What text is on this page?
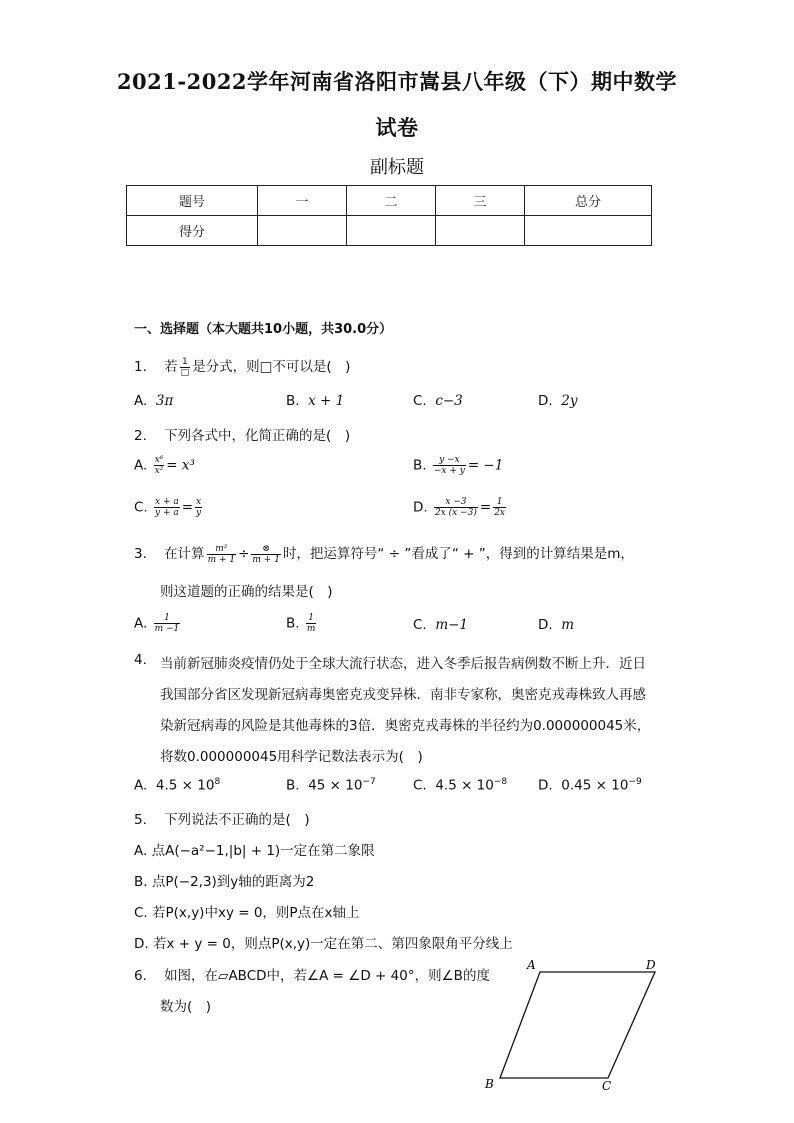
2021-2022学年河南省洛阳市嵩县八年级（下）期中数学
试卷
副标题
题号	一	二	三	总分
得分				
一、选择题（本大题共10小题，共30.0分）
1. 若 $\frac{1}{□}$ 是分式，则□不可以是(　)
A. 3π	B. x + 1	C. c−3	D. 2y
2. 下列各式中，化简正确的是(　)
A. $\frac{\text{x⁶}}{\text{x²}} = x^3$	B. $\frac{y -x}{-x + y} = -1$
C. $\frac{x + a}{y + a} = \frac{x}{y}$	D. $\frac{x -3}{2x (x -3)} = \frac{1}{2x}$
3. 在计算 $\frac{\text{m²}}{m + 1} \div \frac{\otimes}{m + 1}$ 时，把运算符号“ ÷ ”看成了“ + ”，得到的计算结果是m，
则这道题的正确的结果是(　)
A. $\frac{1}{m -1}$	B. $\frac{1}{m}$	C. m−1	D. m
4. 当前新冠肺炎疫情仍处于全球大流行状态，进入冬季后报告病例数不断上升．近日
我国部分省区发现新冠病毒奥密克戎变异株．南非专家称，奥密克戎毒株致人再感
染新冠病毒的风险是其他毒株的3倍．奥密克戎毒株的半径约为0.000000045米，
将数0.000000045用科学记数法表示为(　)
A. $4.5 \times 10^8$	B. $45 \times 10^{-7}$	C. $4.5 \times 10^{-8}$ D. $0.45 \times 10^{-9}$
5. 下列说法不正确的是(　)
A. 点A(−a²−1,|b| + 1)一定在第二象限
B. 点P(−2,3)到y轴的距离为2
C. 若P(x,y)中xy = 0，则P点在x轴上
D. 若x + y = 0，则点P(x,y)一定在第二、第四象限角平分线上
6. 如图，在▱ABCD中，若∠A = ∠D + 40°，则∠B的度
数为(　)
A	D
B	C
